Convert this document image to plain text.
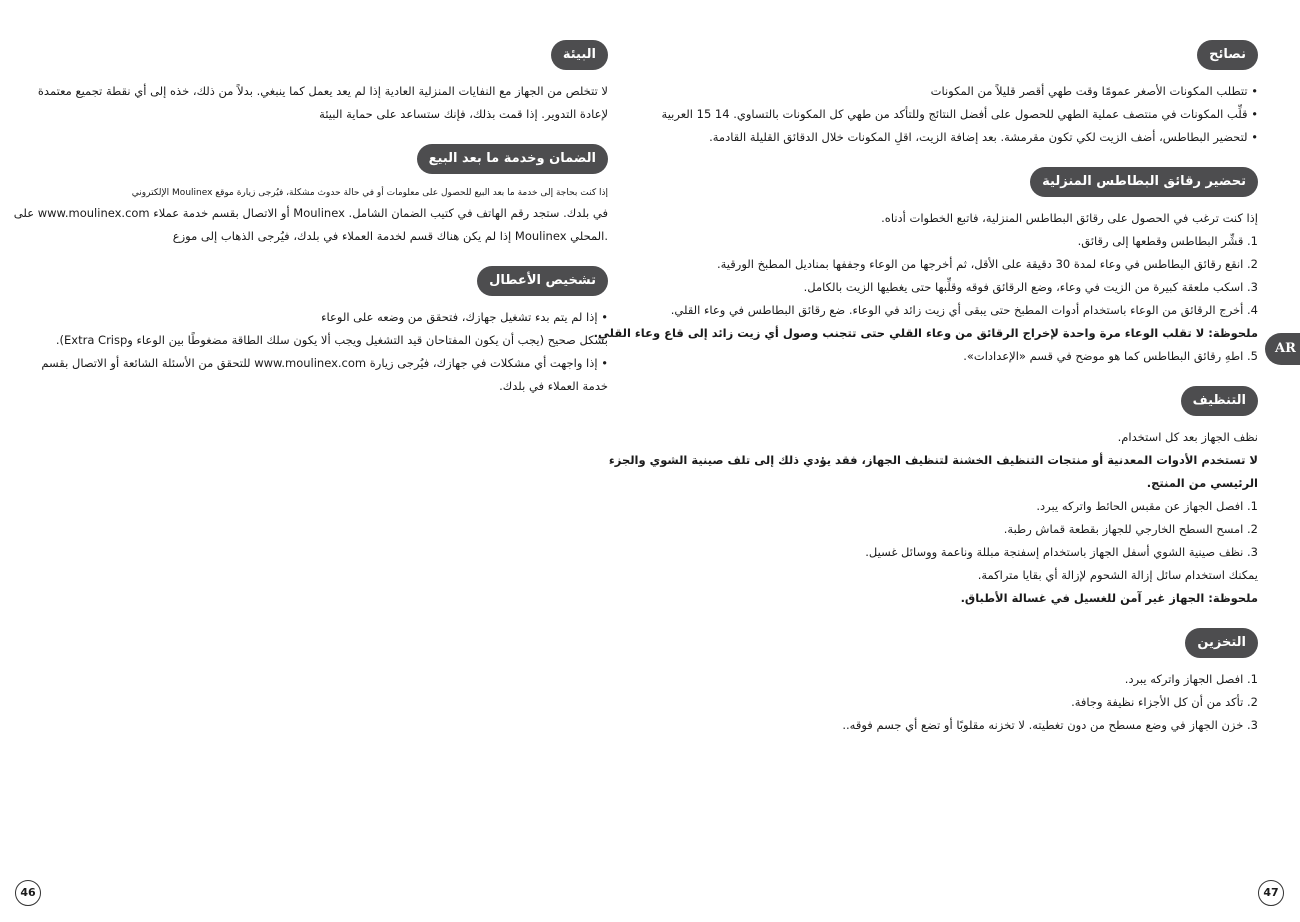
البيئة
لا تتخلص من الجهاز مع النفايات المنزلية العادية إذا لم يعد يعمل كما ينبغي. بدلاً من ذلك، خذه إلى أي نقطة تجميع معتمدة
لإعادة التدوير. إذا قمت بذلك، فإنك ستساعد على حماية البيئة
الضمان وخدمة ما بعد البيع
إذا كنت بحاجة إلى خدمة ما بعد البيع للحصول على معلومات أو في حالة حدوث مشكلة، فيُرجى زيارة موقع Moulinex الإلكتروني
في بلدك. ستجد رقم الهاتف في كتيب الضمان الشامل. Moulinex أو الاتصال بقسم خدمة عملاء www.moulinex.com على
.المحلي Moulinex إذا لم يكن هناك قسم لخدمة العملاء في بلدك، فيُرجى الذهاب إلى موزع
تشخيص الأعطال
• إذا لم يتم بدء تشغيل جهازك، فتحقق من وضعه على الوعاء
بشكل صحيح (يجب أن يكون المفتاحان قيد التشغيل ويجب ألا يكون سلك الطاقة مضغوطًا بين الوعاء وExtra Crisp).
• إذا واجهت أي مشكلات في جهازك، فيُرجى زيارة www.moulinex.com للتحقق من الأسئلة الشائعة أو الاتصال بقسم
خدمة العملاء في بلدك.
46
نصائح
• تتطلب المكونات الأصغر عمومًا وقت طهي أقصر قليلاً من المكونات
• قلِّب المكونات في منتصف عملية الطهي للحصول على أفضل النتائج وللتأكد من طهي كل المكونات بالتساوي. 14 15 العربية
• لتحضير البطاطس، أضف الزيت لكي تكون مقرمشة. بعد إضافة الزيت، اقلِ المكونات خلال الدقائق القليلة القادمة.
تحضير رقائق البطاطس المنزلية
إذا كنت ترغب في الحصول على رقائق البطاطس المنزلية، فاتبع الخطوات أدناه.
1. قشِّر البطاطس وقطعها إلى رقائق.
2. انقع رقائق البطاطس في وعاء لمدة 30 دقيقة على الأقل، ثم أخرجها من الوعاء وجففها بمناديل المطبخ الورقية.
3. اسكب ملعقة كبيرة من الزيت في وعاء، وضع الرقائق فوقه وقلِّبها حتى يغطيها الزيت بالكامل.
4. أخرج الرقائق من الوعاء باستخدام أدوات المطبخ حتى يبقى أي زيت زائد في الوعاء. ضع رقائق البطاطس في وعاء القلي.
ملحوظة: لا تقلب الوعاء مرة واحدة لإخراج الرقائق من وعاء القلي حتى تتجنب وصول أي زيت زائد إلى قاع وعاء القلي.
5. اطهِ رقائق البطاطس كما هو موضح في قسم «الإعدادات».
التنظيف
نظف الجهاز بعد كل استخدام.
لا تستخدم الأدوات المعدنية أو منتجات التنظيف الخشنة لتنظيف الجهاز، فقد يؤدي ذلك إلى تلف صينية الشوي والجزء
الرئيسي من المنتج.
1. افصل الجهاز عن مقبس الحائط واتركه يبرد.
2. امسح السطح الخارجي للجهاز بقطعة قماش رطبة.
3. نظف صينية الشوي أسفل الجهاز باستخدام إسفنجة مبللة وناعمة ووسائل غسيل.
يمكنك استخدام سائل إزالة الشحوم لإزالة أي بقايا متراكمة.
ملحوظة: الجهاز غير آمن للغسيل في غسالة الأطباق.
التخزين
1. افصل الجهاز واتركه يبرد.
2. تأكد من أن كل الأجزاء نظيفة وجافة.
3. خزن الجهاز في وضع مسطح من دون تغطيته. لا تخزنه مقلوبًا أو تضع أي جسم فوقه..
AR
47
